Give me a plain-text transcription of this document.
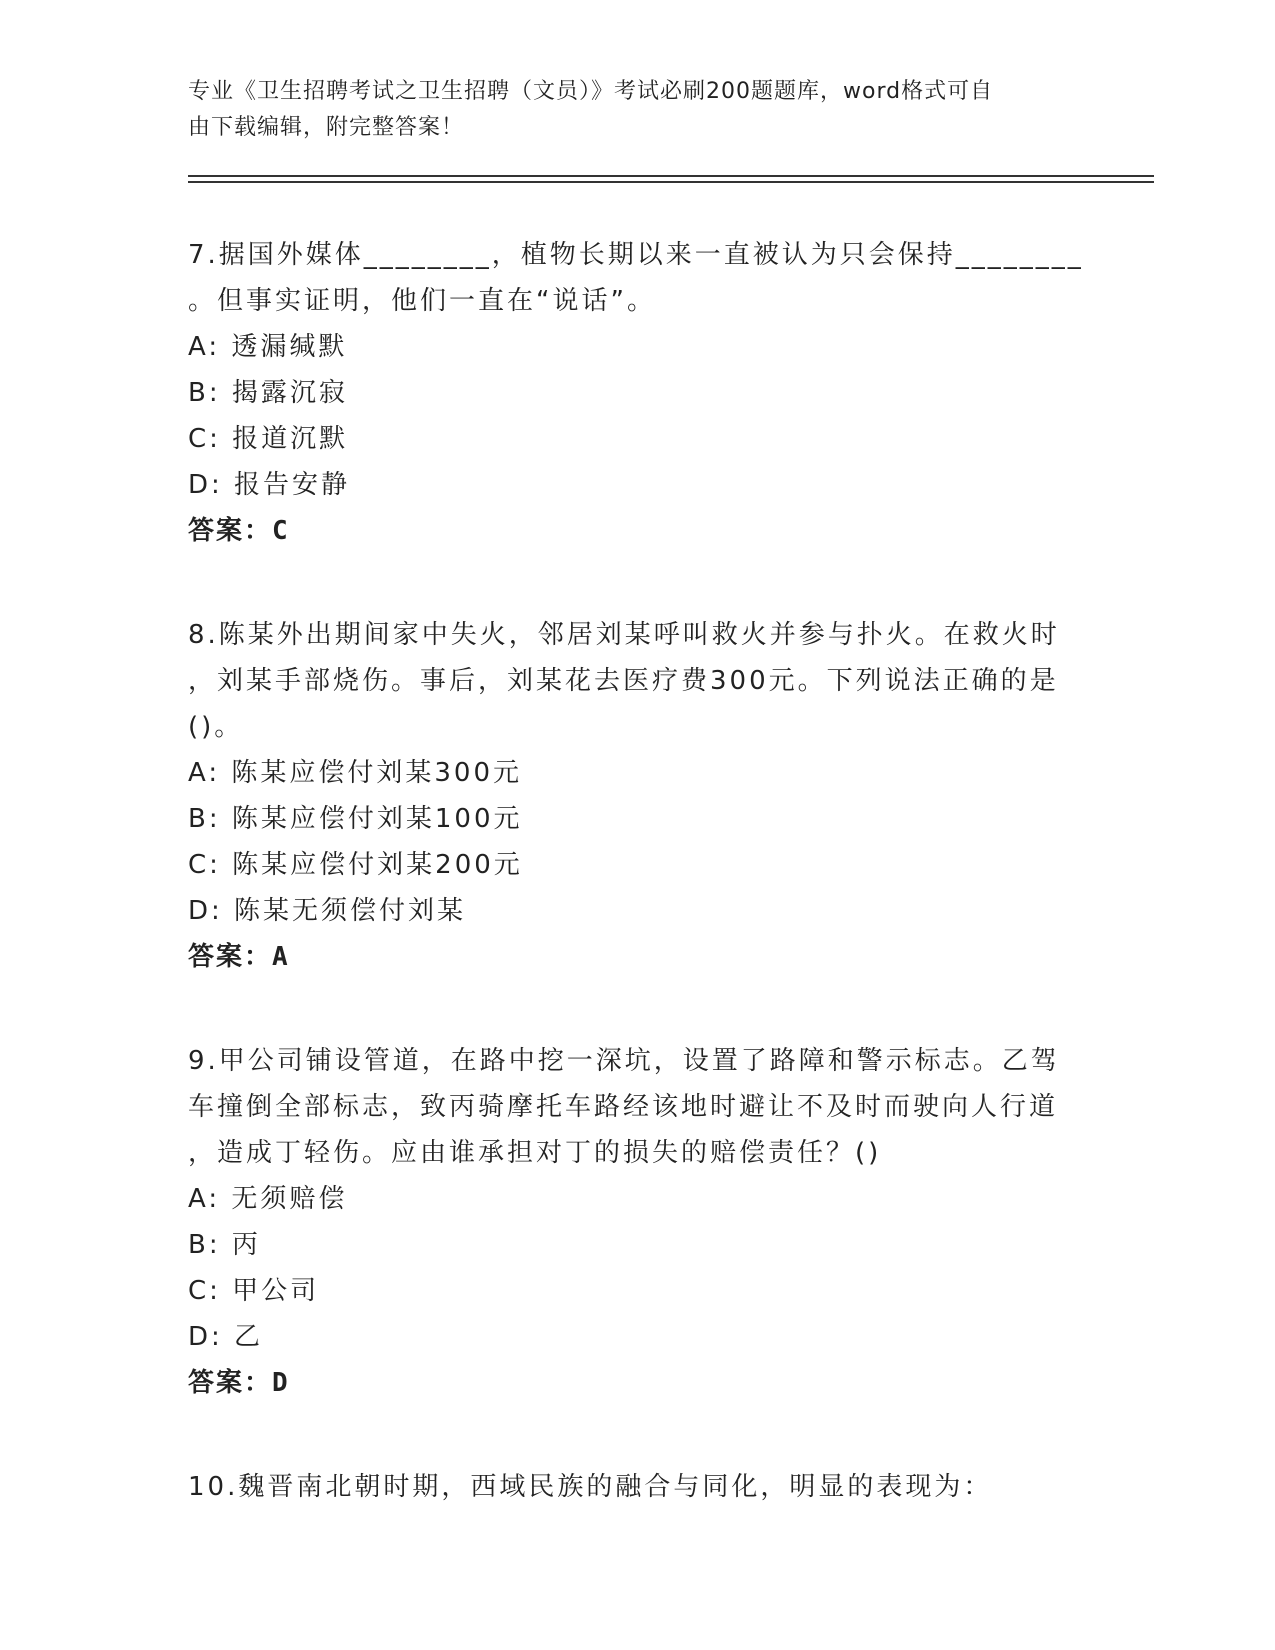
专业《卫生招聘考试之卫生招聘（文员）》考试必刷200题题库，word格式可自
由下载编辑，附完整答案！
7.据国外媒体________，植物长期以来一直被认为只会保持________
。但事实证明，他们一直在“说话”。
A: 透漏缄默
B: 揭露沉寂
C: 报道沉默
D: 报告安静
答案：C
8.陈某外出期间家中失火，邻居刘某呼叫救火并参与扑火。在救火时
，刘某手部烧伤。事后，刘某花去医疗费300元。下列说法正确的是
()。
A: 陈某应偿付刘某300元
B: 陈某应偿付刘某100元
C: 陈某应偿付刘某200元
D: 陈某无须偿付刘某
答案：A
9.甲公司铺设管道，在路中挖一深坑，设置了路障和警示标志。乙驾
车撞倒全部标志，致丙骑摩托车路经该地时避让不及时而驶向人行道
，造成丁轻伤。应由谁承担对丁的损失的赔偿责任？()
A: 无须赔偿
B: 丙
C: 甲公司
D: 乙
答案：D
10.魏晋南北朝时期，西域民族的融合与同化，明显的表现为：
